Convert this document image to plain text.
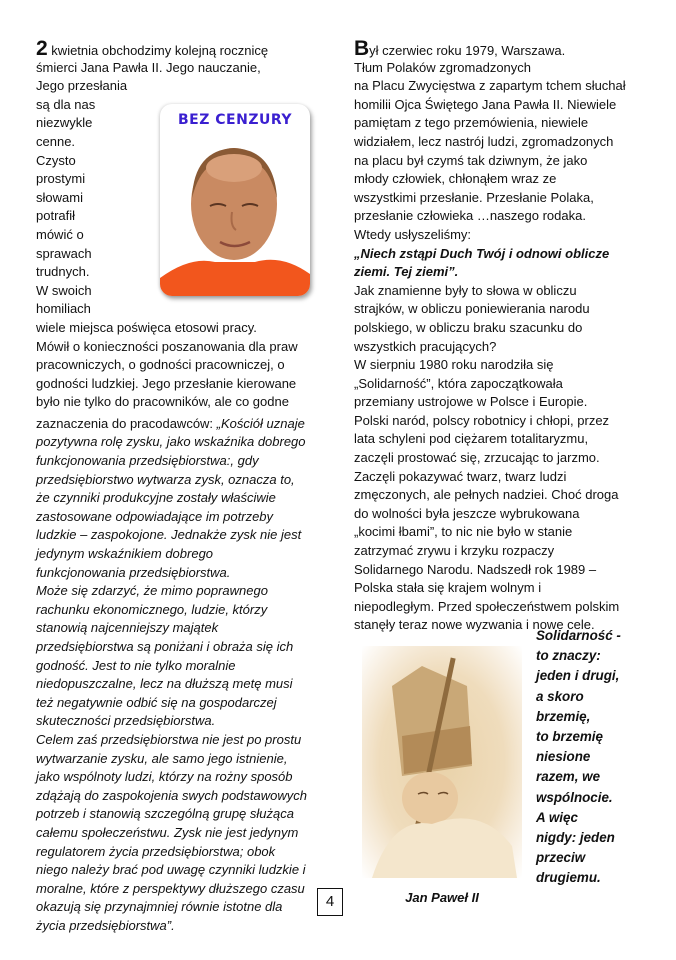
2 kwietnia obchodzimy kolejną rocznicę
śmierci Jana Pawła II. Jego nauczanie,
Jego przesłania
są dla nas
niezwykle
cenne.
Czysto
prostymi
słowami
potrafił
mówić o
sprawach
trudnych.
W swoich
homiliach
wiele miejsca poświęca etosowi pracy.
Mówił o konieczności poszanowania dla praw
pracowniczych, o godności pracowniczej, o
godności ludzkiej. Jego przesłanie kierowane
było nie tylko do pracowników, ale co godne
zaznaczenia do pracodawców: „Kościół uznaje
pozytywna rolę zysku, jako wskaźnika dobrego
funkcjonowania przedsiębiorstwa:, gdy
przedsiębiorstwo wytwarza zysk, oznacza to,
że czynniki produkcyjne zostały właściwie
zastosowane odpowiadające im potrzeby
ludzkie – zaspokojone. Jednakże zysk nie jest
jedynym wskaźnikiem dobrego
funkcjonowania przedsiębiorstwa.
Może się zdarzyć, że mimo poprawnego
rachunku ekonomicznego, ludzie, którzy
stanowią najcenniejszy majątek
przedsiębiorstwa są poniżani i obraża się ich
godność. Jest to nie tylko moralnie
niedopuszczalne, lecz na dłuższą metę musi
też negatywnie odbić się na gospodarczej
skuteczności przedsiębiorstwa.
Celem zaś przedsiębiorstwa nie jest po prostu
wytwarzanie zysku, ale samo jego istnienie,
jako wspólnoty ludzi, którzy na rożny sposób
zdążają do zaspokojenia swych podstawowych
potrzeb i stanowią szczególną grupę służąca
całemu społeczeństwu. Zysk nie jest jedynym
regulatorem życia przedsiębiorstwa; obok
niego należy brać pod uwagę czynniki ludzkie i
moralne, które z perspektywy dłuższego czasu
okazują się przynajmniej równie istotne dla
życia przedsiębiorstwa”.
BEZ CENZURY
Był czerwiec roku 1979, Warszawa.
Tłum Polaków zgromadzonych
na Placu Zwycięstwa z zapartym tchem słuchał
homilii Ojca Świętego Jana Pawła II. Niewiele
pamiętam z tego przemówienia, niewiele
widziałem, lecz nastrój ludzi, zgromadzonych
na placu był czymś tak dziwnym, że jako
młody człowiek, chłonąłem wraz ze
wszystkimi przesłanie. Przesłanie Polaka,
przesłanie człowieka …naszego rodaka.
Wtedy usłyszeliśmy:
„Niech zstąpi Duch Twój i odnowi oblicze
ziemi. Tej ziemi”.
Jak znamienne były to słowa w obliczu
strajków, w obliczu poniewierania narodu
polskiego, w obliczu braku szacunku do
wszystkich pracujących?
W sierpniu 1980 roku narodziła się
„Solidarność”, która zapoczątkowała
przemiany ustrojowe w Polsce i Europie.
Polski naród, polscy robotnicy i chłopi, przez
lata schyleni pod ciężarem totalitaryzmu,
zaczęli prostować się, zrzucając to jarzmo.
Zaczęli pokazywać twarz, twarz ludzi
zmęczonych, ale pełnych nadziei. Choć droga
do wolności była jeszcze wybrukowana
„kocimi łbami”, to nic nie było w stanie
zatrzymać zrywu i krzyku rozpaczy
Solidarnego Narodu. Nadszedł rok 1989 –
Polska stała się krajem wolnym i
niepodległym. Przed społeczeństwem polskim
stanęły teraz nowe wyzwania i nowe cele.
Jan Paweł II
Solidarność -
to znaczy:
jeden i drugi,
a skoro
brzemię,
to brzemię
niesione
razem, we
wspólnocie.
A więc
nigdy: jeden
przeciw
drugiemu.
4
